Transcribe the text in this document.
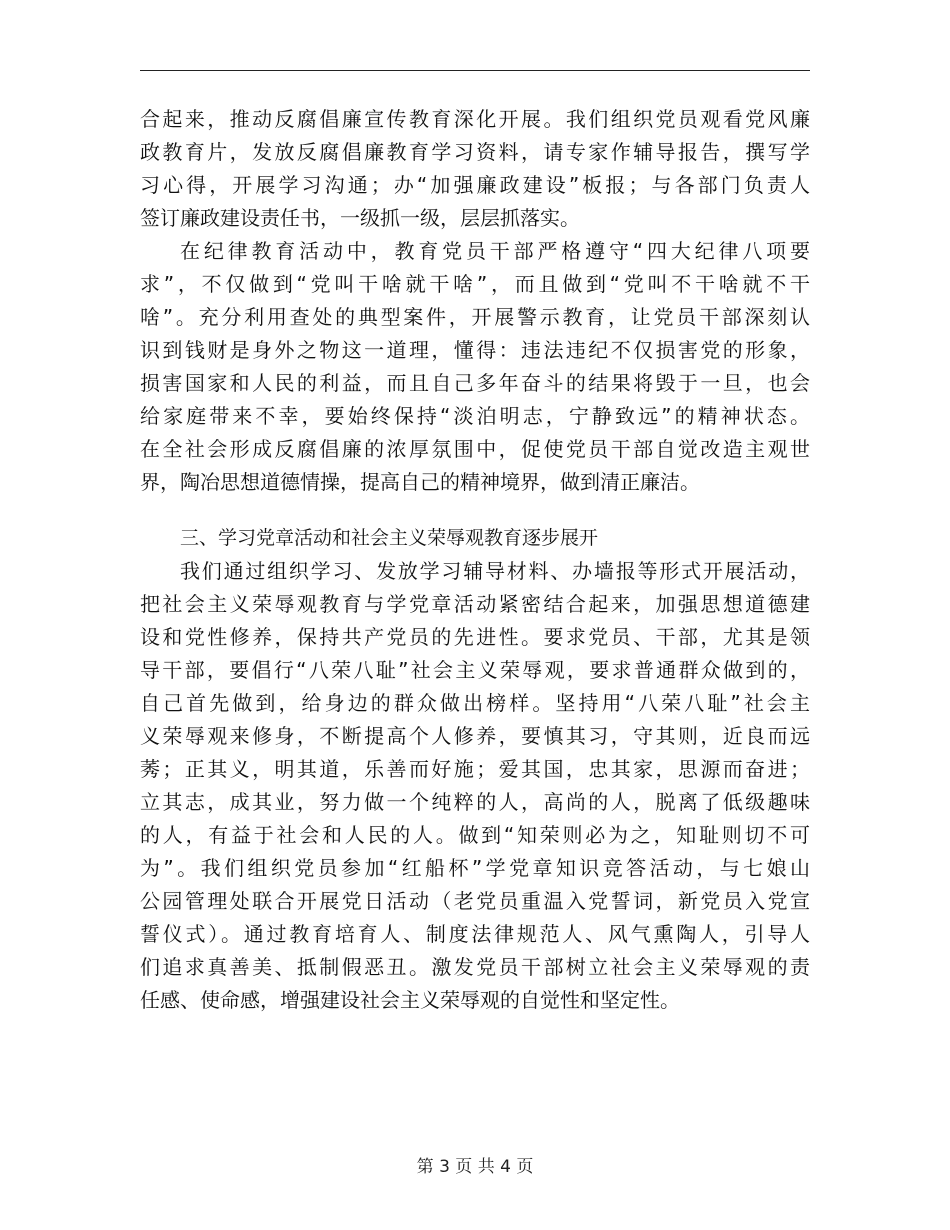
合起来，推动反腐倡廉宣传教育深化开展。我们组织党员观看党风廉
政教育片，发放反腐倡廉教育学习资料，请专家作辅导报告，撰写学
习心得，开展学习沟通；办“加强廉政建设”板报；与各部门负责人
签订廉政建设责任书，一级抓一级，层层抓落实。
在纪律教育活动中，教育党员干部严格遵守“四大纪律八项要
求”，不仅做到“党叫干啥就干啥”，而且做到“党叫不干啥就不干
啥”。充分利用查处的典型案件，开展警示教育，让党员干部深刻认
识到钱财是身外之物这一道理，懂得：违法违纪不仅损害党的形象，
损害国家和人民的利益，而且自己多年奋斗的结果将毁于一旦，也会
给家庭带来不幸，要始终保持“淡泊明志，宁静致远”的精神状态。
在全社会形成反腐倡廉的浓厚氛围中，促使党员干部自觉改造主观世
界，陶冶思想道德情操，提高自己的精神境界，做到清正廉洁。
三、学习党章活动和社会主义荣辱观教育逐步展开
我们通过组织学习、发放学习辅导材料、办墙报等形式开展活动，
把社会主义荣辱观教育与学党章活动紧密结合起来，加强思想道德建
设和党性修养，保持共产党员的先进性。要求党员、干部，尤其是领
导干部，要倡行“八荣八耻”社会主义荣辱观，要求普通群众做到的，
自己首先做到，给身边的群众做出榜样。坚持用“八荣八耻”社会主
义荣辱观来修身，不断提高个人修养，要慎其习，守其则，近良而远
莠；正其义，明其道，乐善而好施；爱其国，忠其家，思源而奋进；
立其志，成其业，努力做一个纯粹的人，高尚的人，脱离了低级趣味
的人，有益于社会和人民的人。做到“知荣则必为之，知耻则切不可
为”。我们组织党员参加“红船杯”学党章知识竞答活动，与七娘山
公园管理处联合开展党日活动（老党员重温入党誓词，新党员入党宣
誓仪式）。通过教育培育人、制度法律规范人、风气熏陶人，引导人
们追求真善美、抵制假恶丑。激发党员干部树立社会主义荣辱观的责
任感、使命感，增强建设社会主义荣辱观的自觉性和坚定性。
第 3 页 共 4 页
